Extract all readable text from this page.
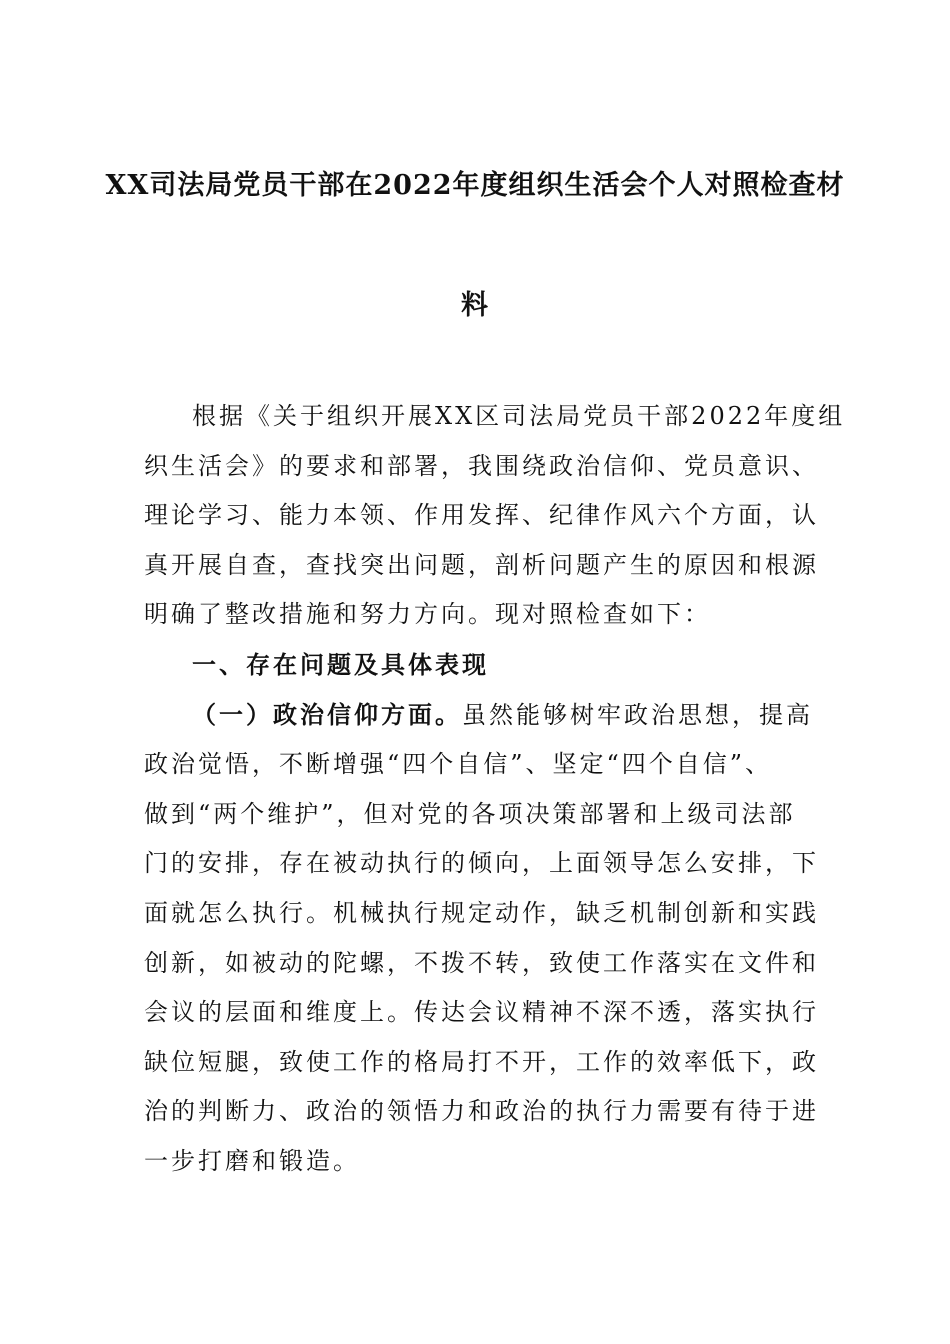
XX司法局党员干部在2022年度组织生活会个人对照检查材
料
根据《关于组织开展XX区司法局党员干部2022年度组
织生活会》的要求和部署，我围绕政治信仰、党员意识、
理论学习、能力本领、作用发挥、纪律作风六个方面，认
真开展自查，查找突出问题，剖析问题产生的原因和根源
明确了整改措施和努力方向。现对照检查如下：
一、存在问题及具体表现
（一）政治信仰方面。虽然能够树牢政治思想，提高
政治觉悟，不断增强“四个自信”、坚定“四个自信”、
做到“两个维护”，但对党的各项决策部署和上级司法部
门的安排，存在被动执行的倾向，上面领导怎么安排，下
面就怎么执行。机械执行规定动作，缺乏机制创新和实践
创新，如被动的陀螺，不拨不转，致使工作落实在文件和
会议的层面和维度上。传达会议精神不深不透，落实执行
缺位短腿，致使工作的格局打不开，工作的效率低下，政
治的判断力、政治的领悟力和政治的执行力需要有待于进
一步打磨和锻造。
